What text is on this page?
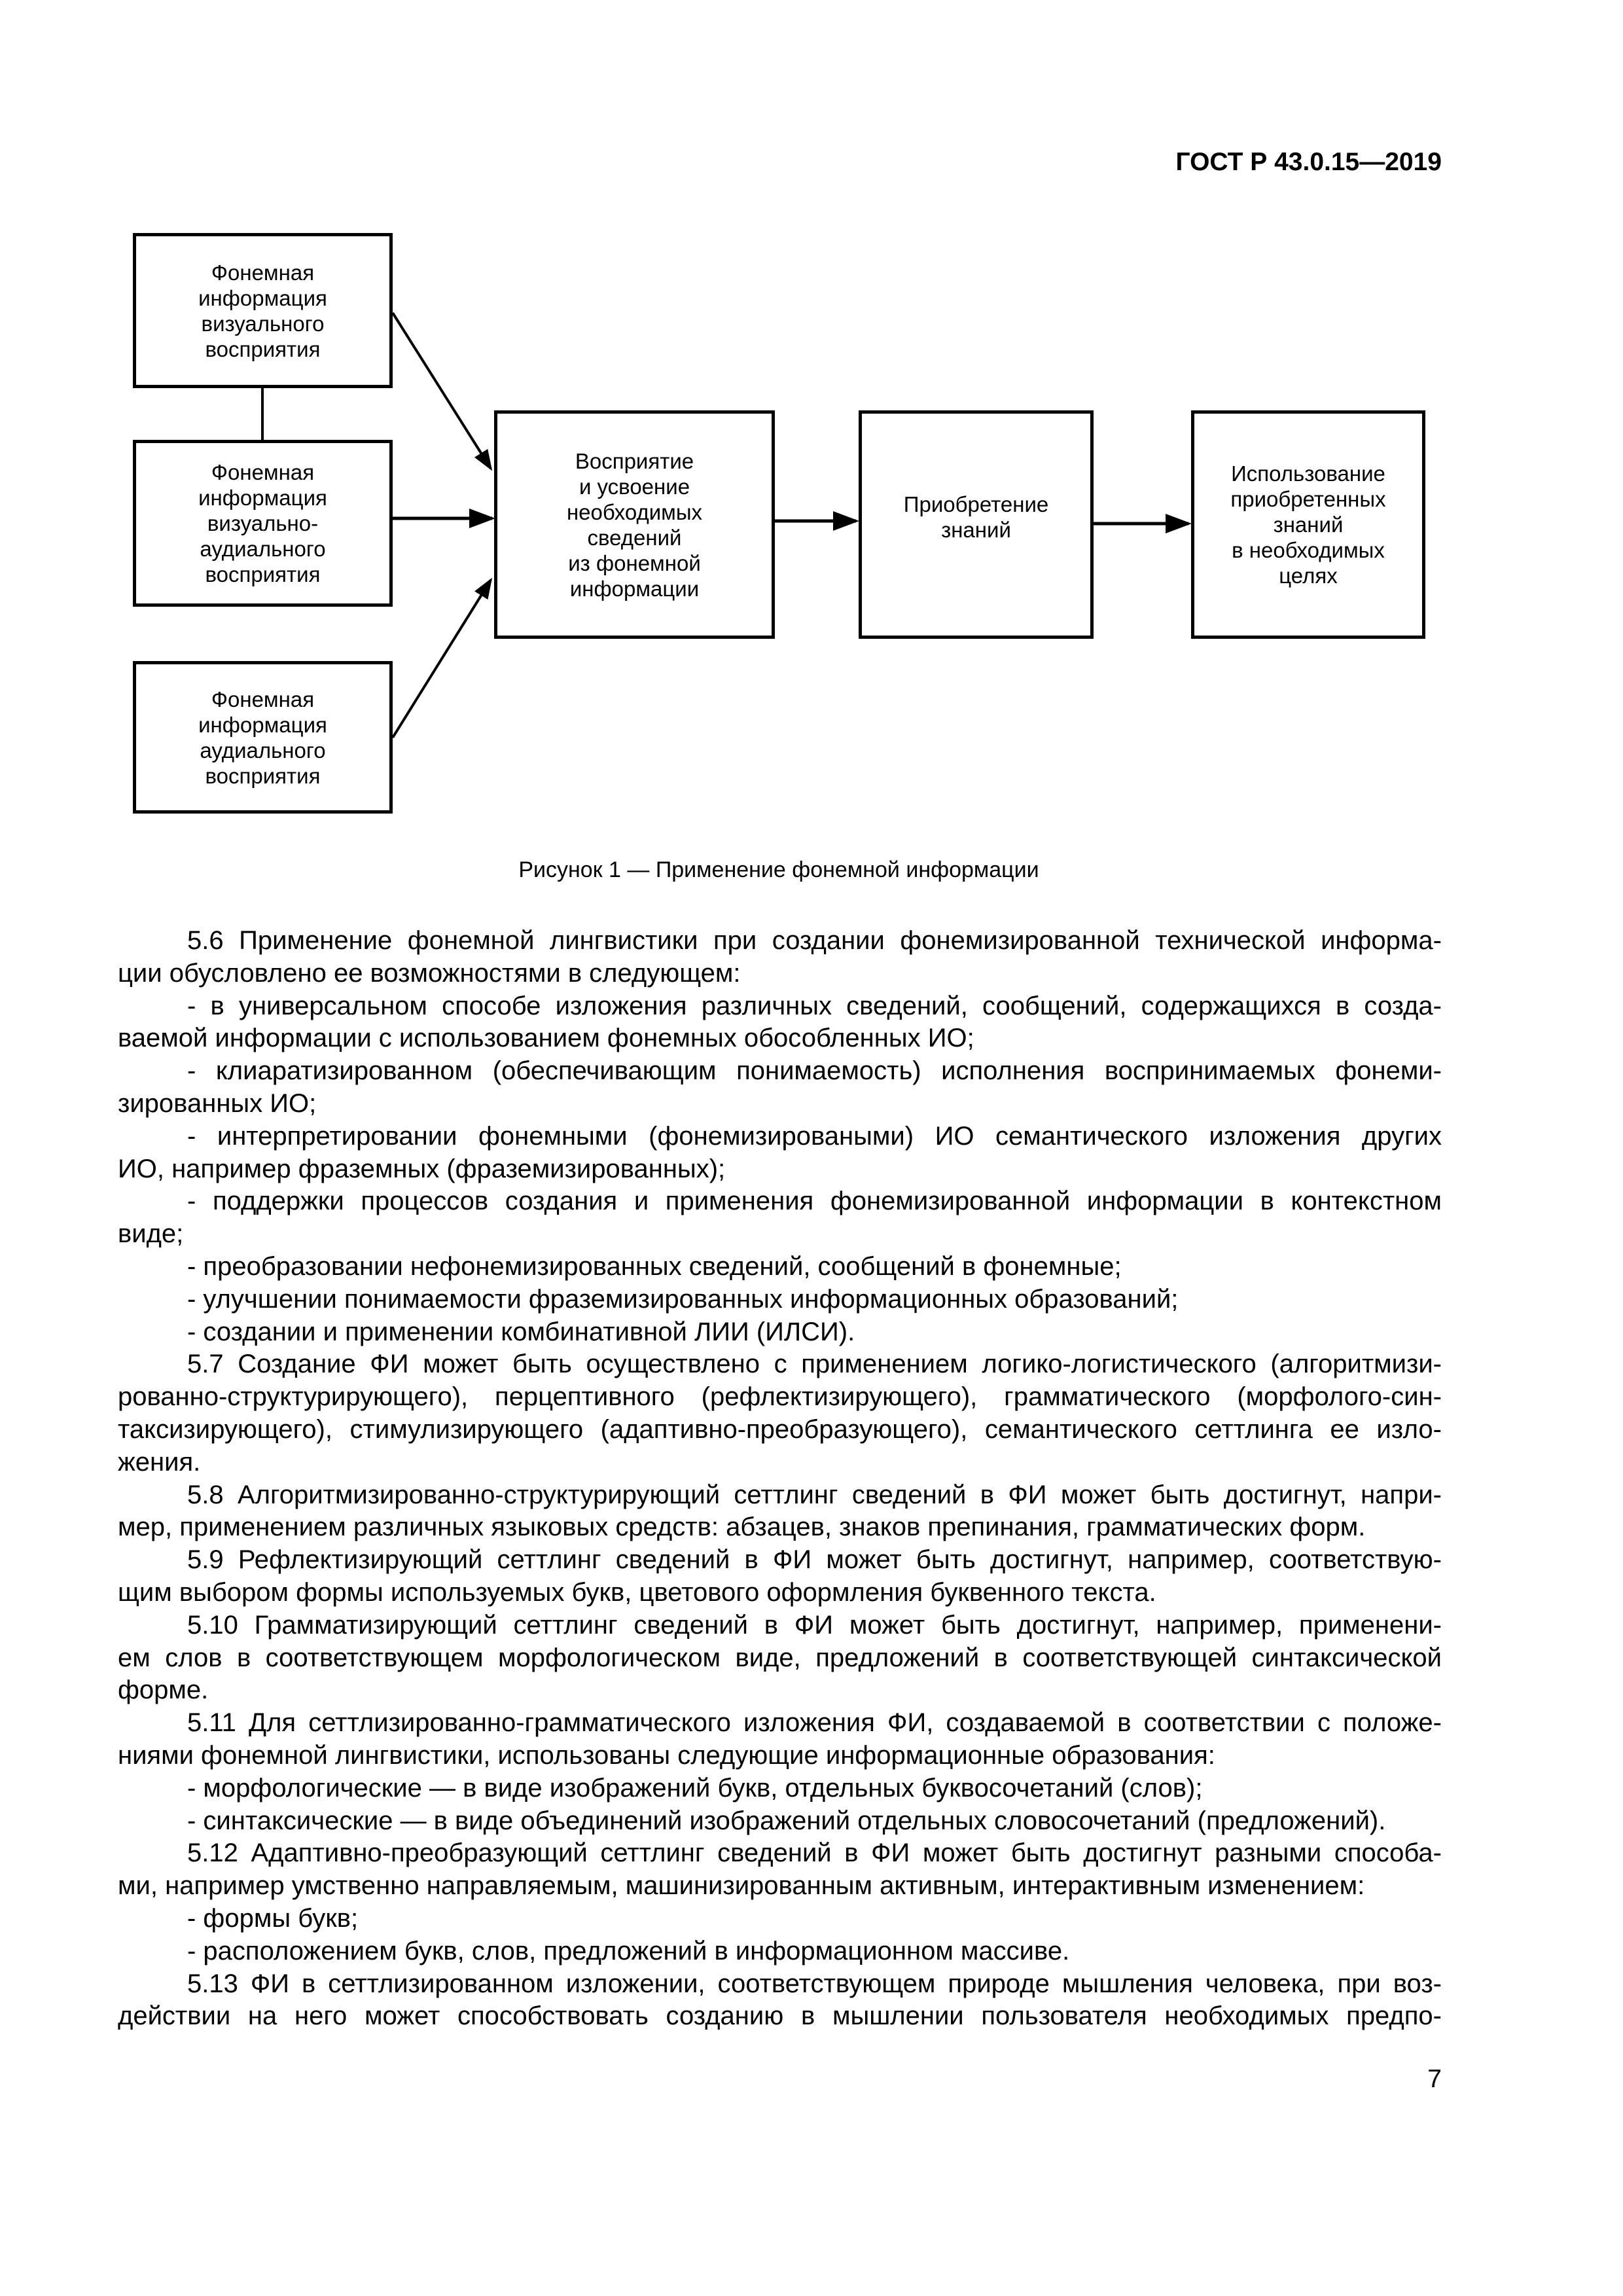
ГОСТ Р 43.0.15—2019
Фонемная
информация
визуального
восприятия
Фонемная
информация
визуально-
аудиального
восприятия
Фонемная
информация
аудиального
восприятия
Восприятие
и усвоение
необходимых
сведений
из фонемной
информации
Приобретение
знаний
Использование
приобретенных
знаний
в необходимых
целях
Рисунок 1 — Применение фонемной информации
5.6 Применение фонемной лингвистики при создании фонемизированной технической информа-
ции обусловлено ее возможностями в следующем:
- в универсальном способе изложения различных сведений, сообщений, содержащихся в созда-
ваемой информации с использованием фонемных обособленных ИО;
- клиаратизированном (обеспечивающим понимаемость) исполнения воспринимаемых фонеми-
зированных ИО;
- интерпретировании фонемными (фонемизироваными) ИО семантического изложения других
ИО, например фраземных (фраземизированных);
- поддержки процессов создания и применения фонемизированной информации в контекстном
виде;
- преобразовании нефонемизированных сведений, сообщений в фонемные;
- улучшении понимаемости фраземизированных информационных образований;
- создании и применении комбинативной ЛИИ (ИЛСИ).
5.7 Создание ФИ может быть осуществлено с применением логико-логистического (алгоритмизи-
рованно-структурирующего), перцептивного (рефлектизирующего), грамматического (морфолого-син-
таксизирующего), стимулизирующего (адаптивно-преобразующего), семантического сеттлинга ее изло-
жения.
5.8 Алгоритмизированно-структурирующий сеттлинг сведений в ФИ может быть достигнут, напри-
мер, применением различных языковых средств: абзацев, знаков препинания, грамматических форм.
5.9 Рефлектизирующий сеттлинг сведений в ФИ может быть достигнут, например, соответствую-
щим выбором формы используемых букв, цветового оформления буквенного текста.
5.10 Грамматизирующий сеттлинг сведений в ФИ может быть достигнут, например, применени-
ем слов в соответствующем морфологическом виде, предложений в соответствующей синтаксической
форме.
5.11 Для сеттлизированно-грамматического изложения ФИ, создаваемой в соответствии с положе-
ниями фонемной лингвистики, использованы следующие информационные образования:
- морфологические — в виде изображений букв, отдельных буквосочетаний (слов);
- синтаксические — в виде объединений изображений отдельных словосочетаний (предложений).
5.12 Адаптивно-преобразующий сеттлинг сведений в ФИ может быть достигнут разными способа-
ми, например умственно направляемым, машинизированным активным, интерактивным изменением:
- формы букв;
- расположением букв, слов, предложений в информационном массиве.
5.13 ФИ в сеттлизированном изложении, соответствующем природе мышления человека, при воз-
действии на него может способствовать созданию в мышлении пользователя необходимых предпо-
7
